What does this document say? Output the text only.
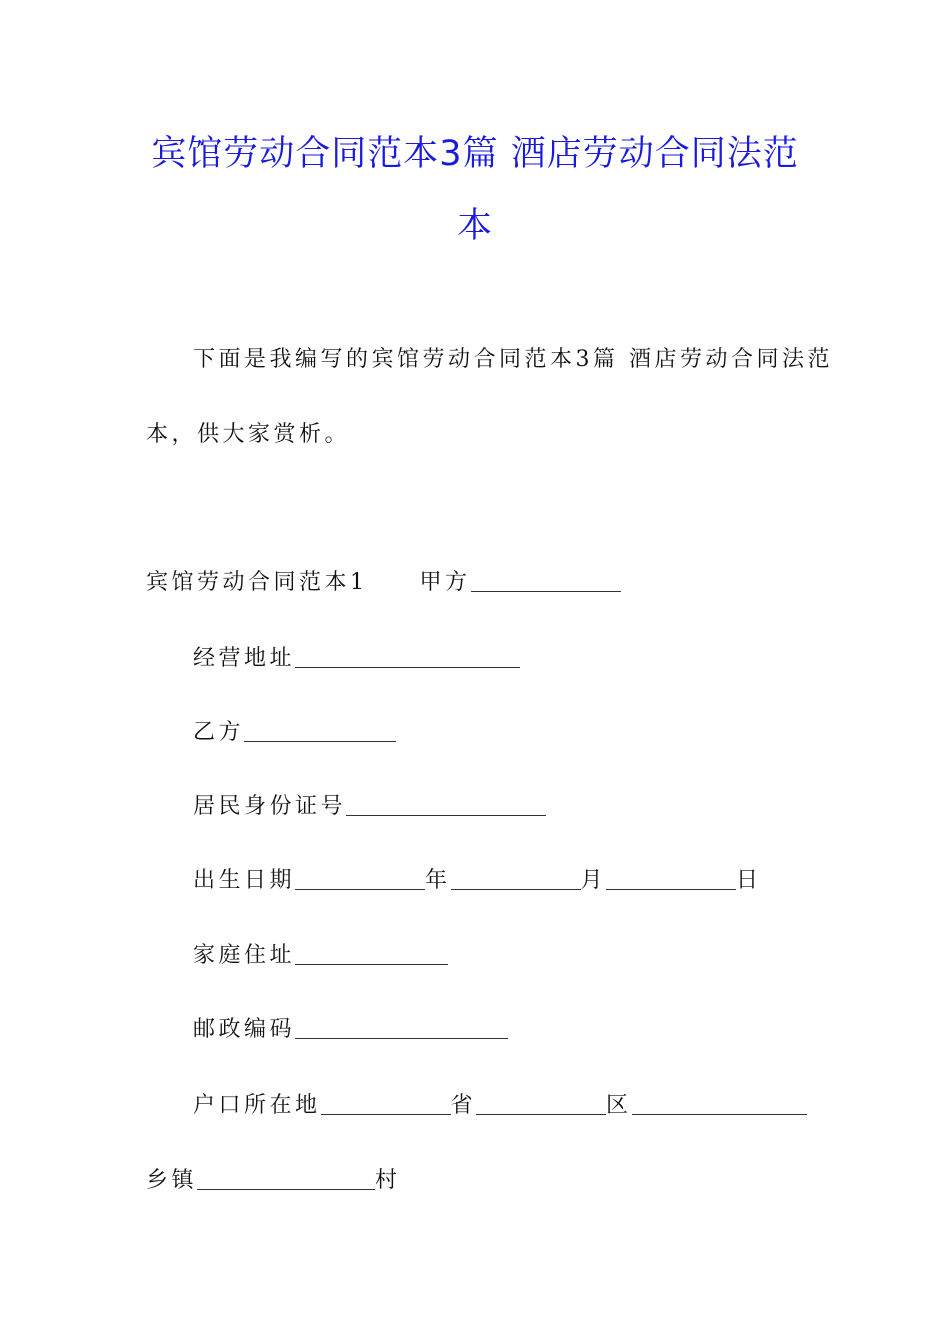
宾馆劳动合同范本3篇 酒店劳动合同法范
本
下面是我编写的宾馆劳动合同范本3篇 酒店劳动合同法范
本，供大家赏析。
宾馆劳动合同范本1 甲方
经营地址
乙方
居民身份证号
出生日期	年	月	日
家庭住址
邮政编码
户口所在地	省	区
乡镇	村
